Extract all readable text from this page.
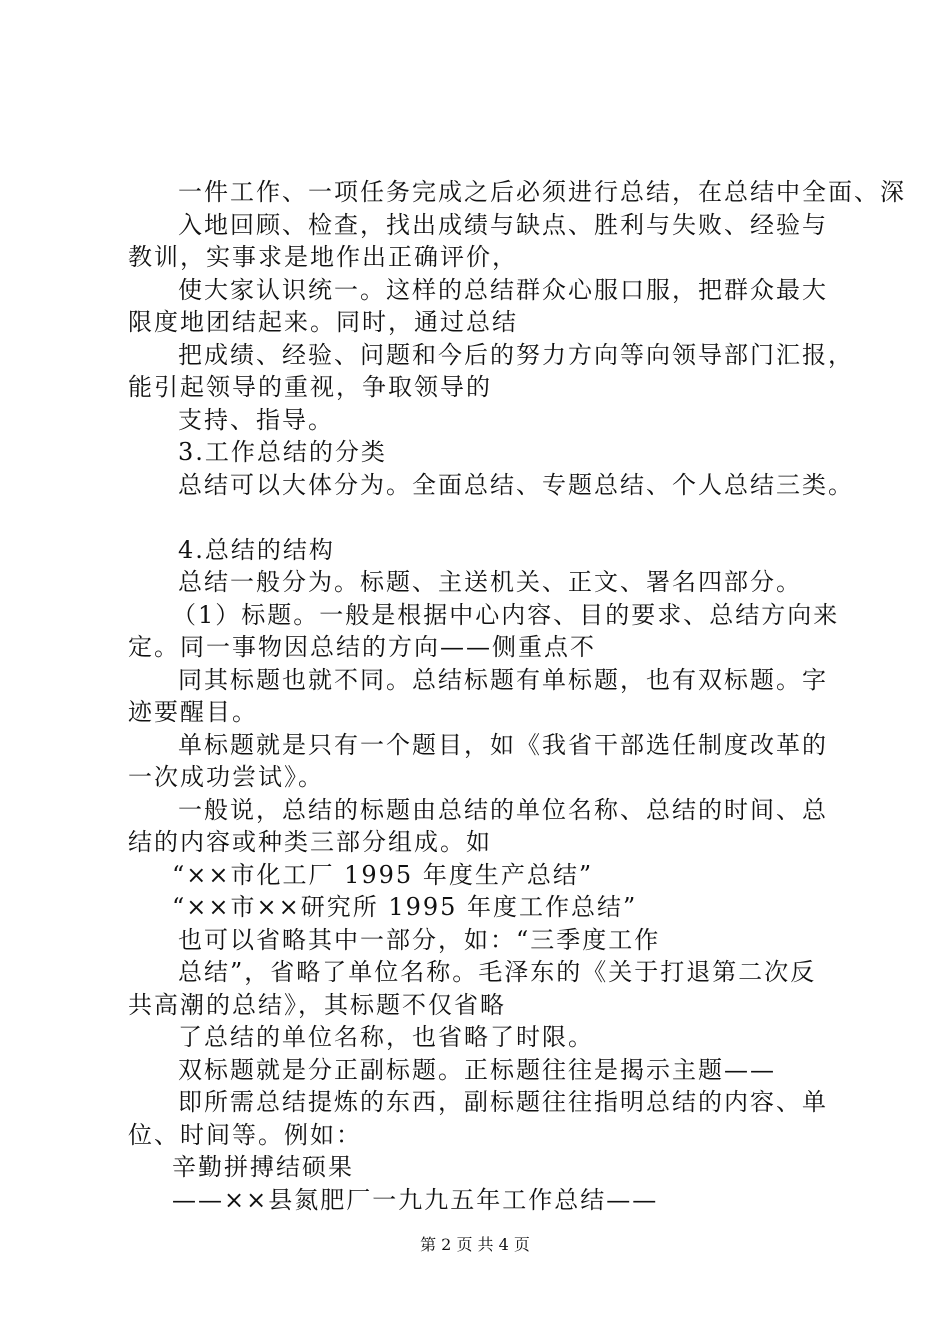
一件工作、一项任务完成之后必须进行总结，在总结中全面、深
入地回顾、检查，找出成绩与缺点、胜利与失败、经验与
教训，实事求是地作出正确评价，
使大家认识统一。这样的总结群众心服口服，把群众最大
限度地团结起来。同时，通过总结
把成绩、经验、问题和今后的努力方向等向领导部门汇报，
能引起领导的重视，争取领导的
支持、指导。
3.工作总结的分类
总结可以大体分为。全面总结、专题总结、个人总结三类。
4.总结的结构
总结一般分为。标题、主送机关、正文、署名四部分。
（1）标题。一般是根据中心内容、目的要求、总结方向来
定。同一事物因总结的方向——侧重点不
同其标题也就不同。总结标题有单标题，也有双标题。字
迹要醒目。
单标题就是只有一个题目，如《我省干部选任制度改革的
一次成功尝试》。
一般说，总结的标题由总结的单位名称、总结的时间、总
结的内容或种类三部分组成。如
“××市化工厂 1995 年度生产总结”
“××市××研究所 1995 年度工作总结”
也可以省略其中一部分，如：“三季度工作
总结”，省略了单位名称。毛泽东的《关于打退第二次反
共高潮的总结》，其标题不仅省略
了总结的单位名称，也省略了时限。
双标题就是分正副标题。正标题往往是揭示主题——
即所需总结提炼的东西，副标题往往指明总结的内容、单
位、时间等。例如：
辛勤拼搏结硕果
——××县氮肥厂一九九五年工作总结——
第 2 页 共 4 页
